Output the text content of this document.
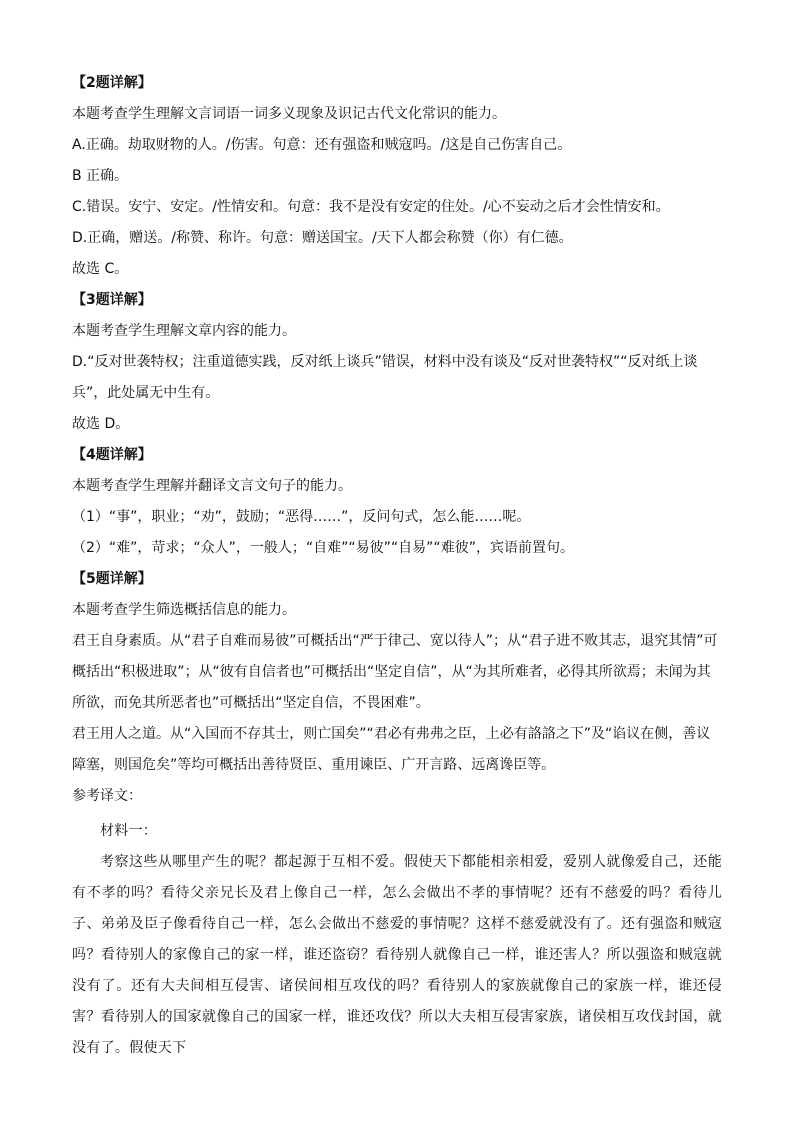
【2题详解】

本题考查学生理解文言词语一词多义现象及识记古代文化常识的能力。

A.正确。劫取财物的人。/伤害。句意：还有强盗和贼寇吗。/这是自己伤害自己。

B 正确。

C.错误。安宁、安定。/性情安和。句意：我不是没有安定的住处。/心不妄动之后才会性情安和。

D.正确，赠送。/称赞、称许。句意：赠送国宝。/天下人都会称赞（你）有仁德。

故选 C。

【3题详解】

本题考查学生理解文章内容的能力。

D.“反对世袭特权；注重道德实践，反对纸上谈兵”错误，材料中没有谈及“反对世袭特权”“反对纸上谈兵”，此处属无中生有。

故选 D。

【4题详解】

本题考查学生理解并翻译文言文句子的能力。

（1）“事”，职业；“劝”，鼓励；“恶得……”，反问句式，怎么能……呢。

（2）“难”，苛求；“众人”，一般人；“自难”“易彼”“自易”“难彼”，宾语前置句。

【5题详解】

本题考查学生筛选概括信息的能力。

君王自身素质。从“君子自难而易彼”可概括出“严于律己、宽以待人”；从“君子进不败其志，退究其情”可概括出“积极进取”；从“彼有自信者也”可概括出“坚定自信”，从“为其所难者，必得其所欲焉；未闻为其所欲，而免其所恶者也”可概括出“坚定自信，不畏困难”。

君王用人之道。从“入国而不存其士，则亡国矣”“君必有弗弗之臣，上必有詻詻之下”及“谄议在侧，善议障塞，则国危矣”等均可概括出善待贤臣、重用谏臣、广开言路、远离谗臣等。

参考译文：

材料一：

考察这些从哪里产生的呢？都起源于互相不爱。假使天下都能相亲相爱，爱别人就像爱自己，还能有不孝的吗？看待父亲兄长及君上像自己一样，怎么会做出不孝的事情呢？还有不慈爱的吗？看待儿子、弟弟及臣子像看待自己一样，怎么会做出不慈爱的事情呢？这样不慈爱就没有了。还有强盗和贼寇吗？看待别人的家像自己的家一样，谁还盗窃？看待别人就像自己一样，谁还害人？所以强盗和贼寇就没有了。还有大夫间相互侵害、诸侯间相互攻伐的吗？看待别人的家族就像自己的家族一样，谁还侵害？看待别人的国家就像自己的国家一样，谁还攻伐？所以大夫相互侵害家族，诸侯相互攻伐封国，就没有了。假使天下
